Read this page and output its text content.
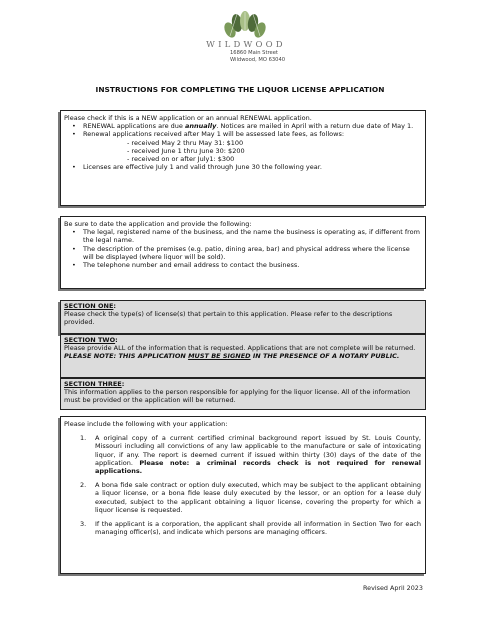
WILDWOOD
16860 Main Street
Wildwood, MO 63040
INSTRUCTIONS FOR COMPLETING THE LIQUOR LICENSE APPLICATION
Please check if this is a NEW application or an annual RENEWAL application.
• RENEWAL applications are due annually. Notices are mailed in April with a return due date of May 1.
• Renewal applications received after May 1 will be assessed late fees, as follows:
- received May 2 thru May 31: $100
- received June 1 thru June 30: $200
- received on or after July1: $300
• Licenses are effective July 1 and valid through June 30 the following year.
Be sure to date the application and provide the following:
• The legal, registered name of the business, and the name the business is operating as, if different from the legal name.
• The description of the premises (e.g. patio, dining area, bar) and physical address where the license will be displayed (where liquor will be sold).
• The telephone number and email address to contact the business.
SECTION ONE:
Please check the type(s) of license(s) that pertain to this application. Please refer to the descriptions provided.
SECTION TWO:
Please provide ALL of the information that is requested. Applications that are not complete will be returned. PLEASE NOTE: THIS APPLICATION MUST BE SIGNED IN THE PRESENCE OF A NOTARY PUBLIC.
SECTION THREE:
This information applies to the person responsible for applying for the liquor license. All of the information must be provided or the application will be returned.
Please include the following with your application:
1. A original copy of a current certified criminal background report issued by St. Louis County, Missouri including all convictions of any law applicable to the manufacture or sale of intoxicating liquor, if any. The report is deemed current if issued within thirty (30) days of the date of the application. Please note: a criminal records check is not required for renewal applications.
2. A bona fide sale contract or option duly executed, which may be subject to the applicant obtaining a liquor license, or a bona fide lease duly executed by the lessor, or an option for a lease duly executed, subject to the applicant obtaining a liquor license, covering the property for which a liquor license is requested.
3. If the applicant is a corporation, the applicant shall provide all information in Section Two for each managing officer(s), and indicate which persons are managing officers.
Revised April 2023
